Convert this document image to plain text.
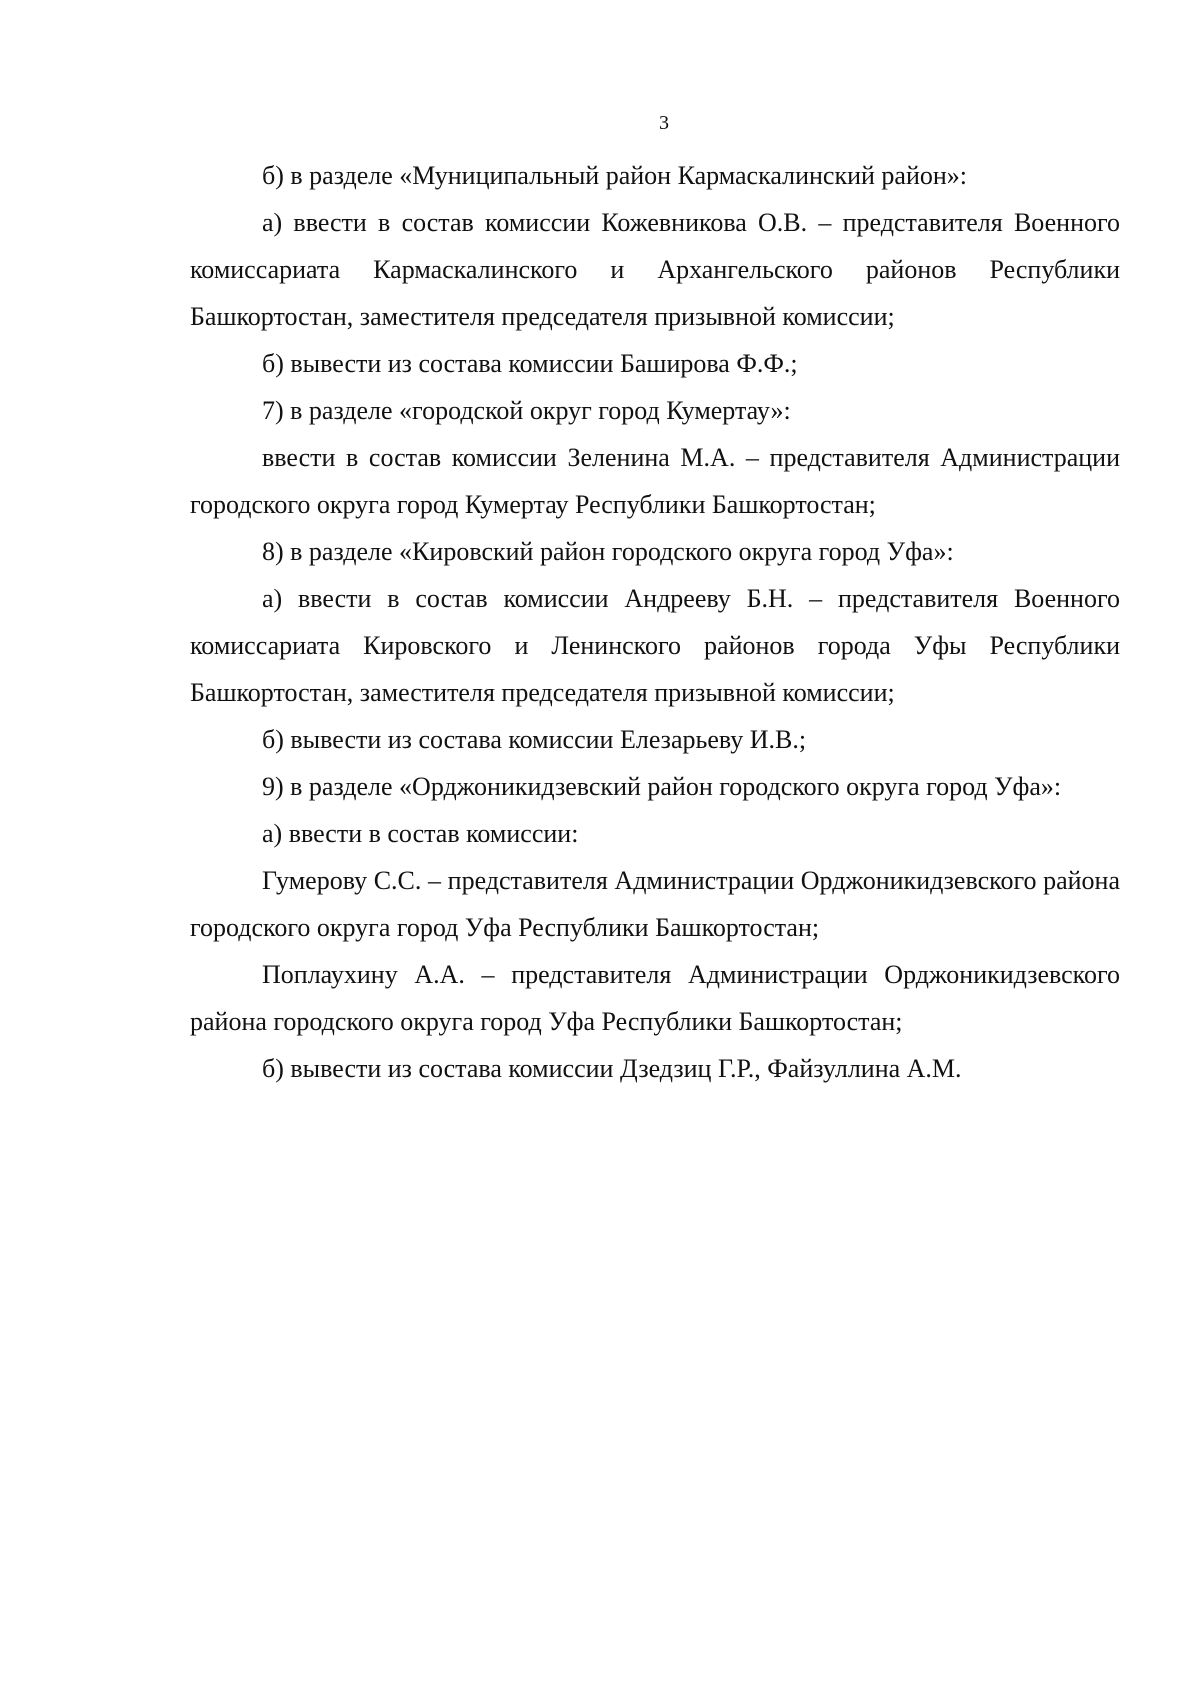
3

б) в разделе «Муниципальный район Кармаскалинский район»:

а) ввести в состав комиссии Кожевникова О.В. – представителя Военного комиссариата Кармаскалинского и Архангельского районов Республики Башкортостан, заместителя председателя призывной комиссии;

б) вывести из состава комиссии Баширова Ф.Ф.;

7) в разделе «городской округ город Кумертау»:

ввести в состав комиссии Зеленина М.А. – представителя Администрации городского округа город Кумертау Республики Башкортостан;

8) в разделе «Кировский район городского округа город Уфа»:

а) ввести в состав комиссии Андрееву Б.Н. – представителя Военного комиссариата Кировского и Ленинского районов города Уфы Республики Башкортостан, заместителя председателя призывной комиссии;

б) вывести из состава комиссии Елезарьеву И.В.;

9) в разделе «Орджоникидзевский район городского округа город Уфа»:

а) ввести в состав комиссии:

Гумерову С.С. – представителя Администрации Орджоникидзевского района городского округа город Уфа Республики Башкортостан;

Поплаухину А.А. – представителя Администрации Орджоникидзевского района городского округа город Уфа Республики Башкортостан;

б) вывести из состава комиссии Дзедзиц Г.Р., Файзуллина А.М.
